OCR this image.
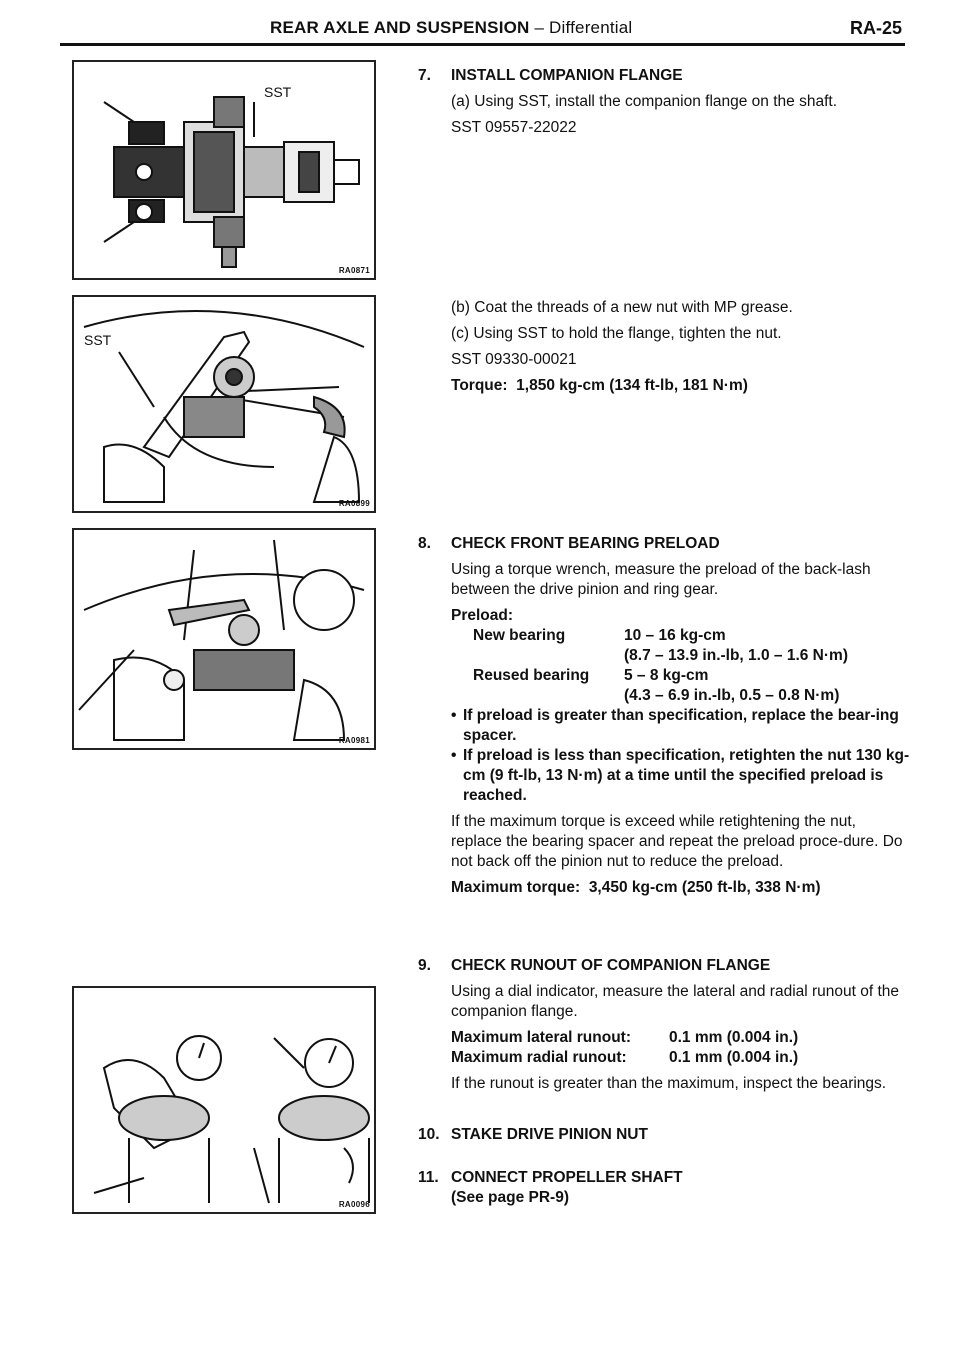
REAR AXLE AND SUSPENSION – Differential	RA-25
SST
RA0871
SST
RA0899
RA0981
RA0096
7. INSTALL COMPANION FLANGE
(a) Using SST, install the companion flange on the shaft.
SST 09557-22022
(b) Coat the threads of a new nut with MP grease.
(c) Using SST to hold the flange, tighten the nut.
SST 09330-00021
Torque: 1,850 kg-cm (134 ft-lb, 181 N·m)
8. CHECK FRONT BEARING PRELOAD
Using a torque wrench, measure the preload of the back-lash between the drive pinion and ring gear.
Preload:
New bearing	10 – 16 kg-cm
(8.7 – 13.9 in.-lb, 1.0 – 1.6 N·m)
Reused bearing	5 – 8 kg-cm
(4.3 – 6.9 in.-lb, 0.5 – 0.8 N·m)
• If preload is greater than specification, replace the bear-ing spacer.
• If preload is less than specification, retighten the nut 130 kg-cm (9 ft-lb, 13 N·m) at a time until the specified preload is reached.
If the maximum torque is exceed while retightening the nut, replace the bearing spacer and repeat the preload proce-dure. Do not back off the pinion nut to reduce the preload.
Maximum torque: 3,450 kg-cm (250 ft-lb, 338 N·m)
9. CHECK RUNOUT OF COMPANION FLANGE
Using a dial indicator, measure the lateral and radial runout of the companion flange.
Maximum lateral runout:	0.1 mm (0.004 in.)
Maximum radial runout:	0.1 mm (0.004 in.)
If the runout is greater than the maximum, inspect the bearings.
10. STAKE DRIVE PINION NUT
11. CONNECT PROPELLER SHAFT
(See page PR-9)
